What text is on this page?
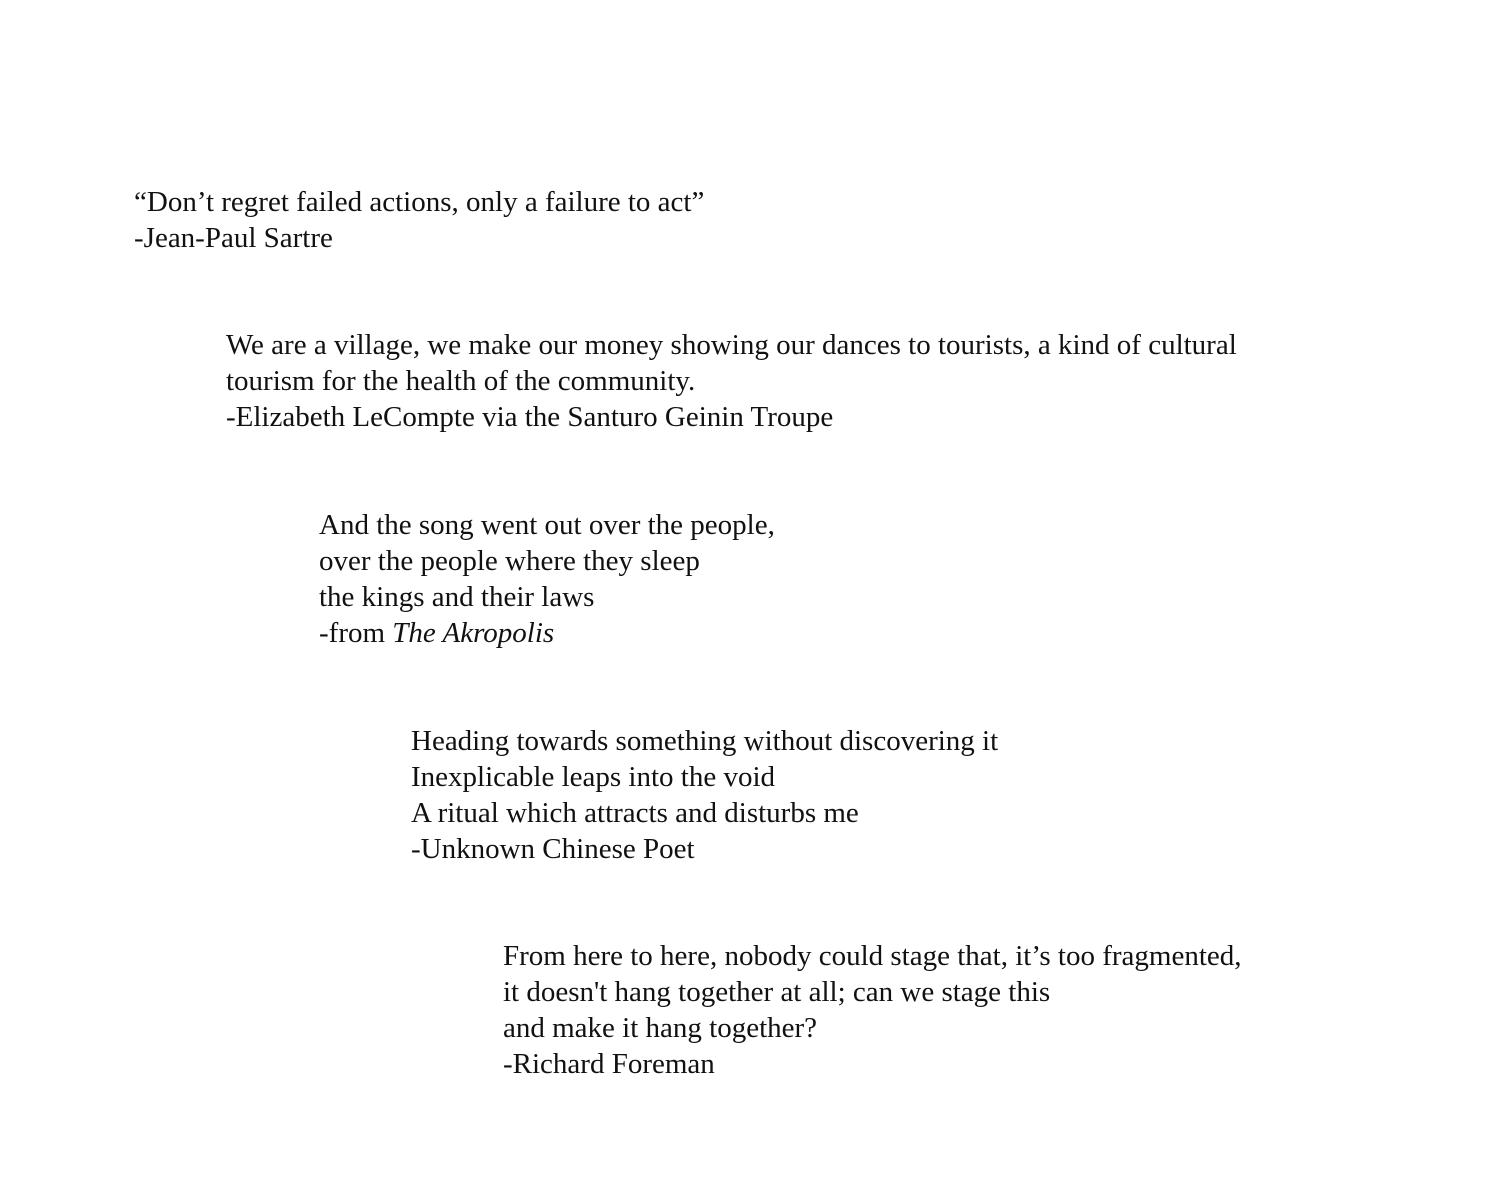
“Don’t regret failed actions, only a failure to act”
-Jean-Paul Sartre
We are a village, we make our money showing our dances to tourists, a kind of cultural
tourism for the health of the community.
-Elizabeth LeCompte via the Santuro Geinin Troupe
And the song went out over the people,
over the people where they sleep
the kings and their laws
-from The Akropolis
Heading towards something without discovering it
Inexplicable leaps into the void
A ritual which attracts and disturbs me
-Unknown Chinese Poet
From here to here, nobody could stage that, it’s too fragmented,
it doesn't hang together at all; can we stage this
and make it hang together?
-Richard Foreman
